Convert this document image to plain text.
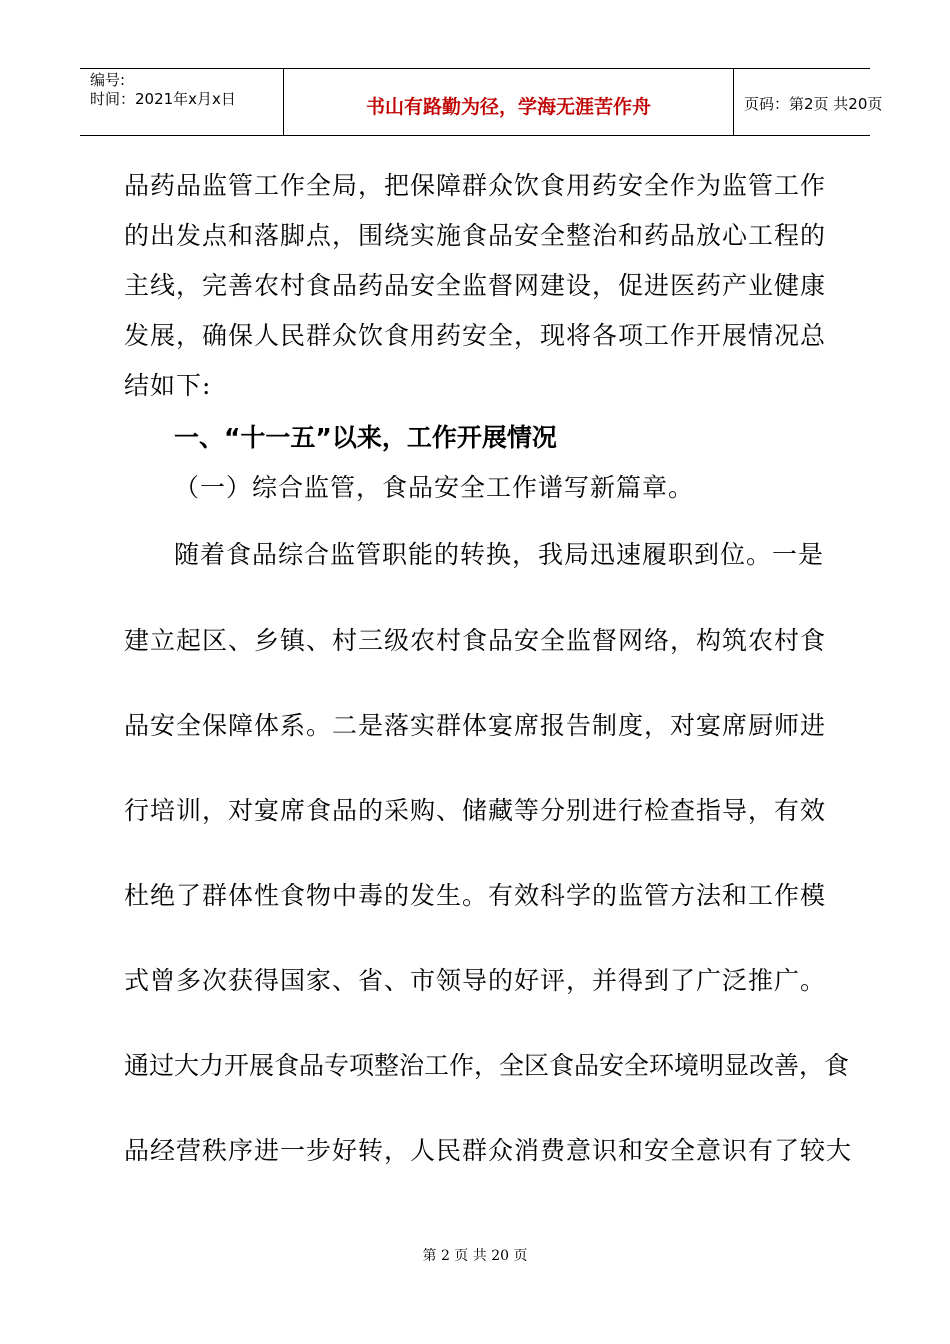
编号:
时间：2021年x月x日	书山有路勤为径，学海无涯苦作舟	页码：第2页 共20页
品药品监管工作全局，把保障群众饮食用药安全作为监管工作
的出发点和落脚点，围绕实施食品安全整治和药品放心工程的
主线，完善农村食品药品安全监督网建设，促进医药产业健康
发展，确保人民群众饮食用药安全，现将各项工作开展情况总
结如下:
一、“十一五”以来，工作开展情况
（一）综合监管，食品安全工作谱写新篇章。
随着食品综合监管职能的转换，我局迅速履职到位。一是
建立起区、乡镇、村三级农村食品安全监督网络，构筑农村食
品安全保障体系。二是落实群体宴席报告制度，对宴席厨师进
行培训，对宴席食品的采购、储藏等分别进行检查指导，有效
杜绝了群体性食物中毒的发生。有效科学的监管方法和工作模
式曾多次获得国家、省、市领导的好评，并得到了广泛推广。
通过大力开展食品专项整治工作，全区食品安全环境明显改善，食
品经营秩序进一步好转，人民群众消费意识和安全意识有了较大
第 2 页 共 20 页
